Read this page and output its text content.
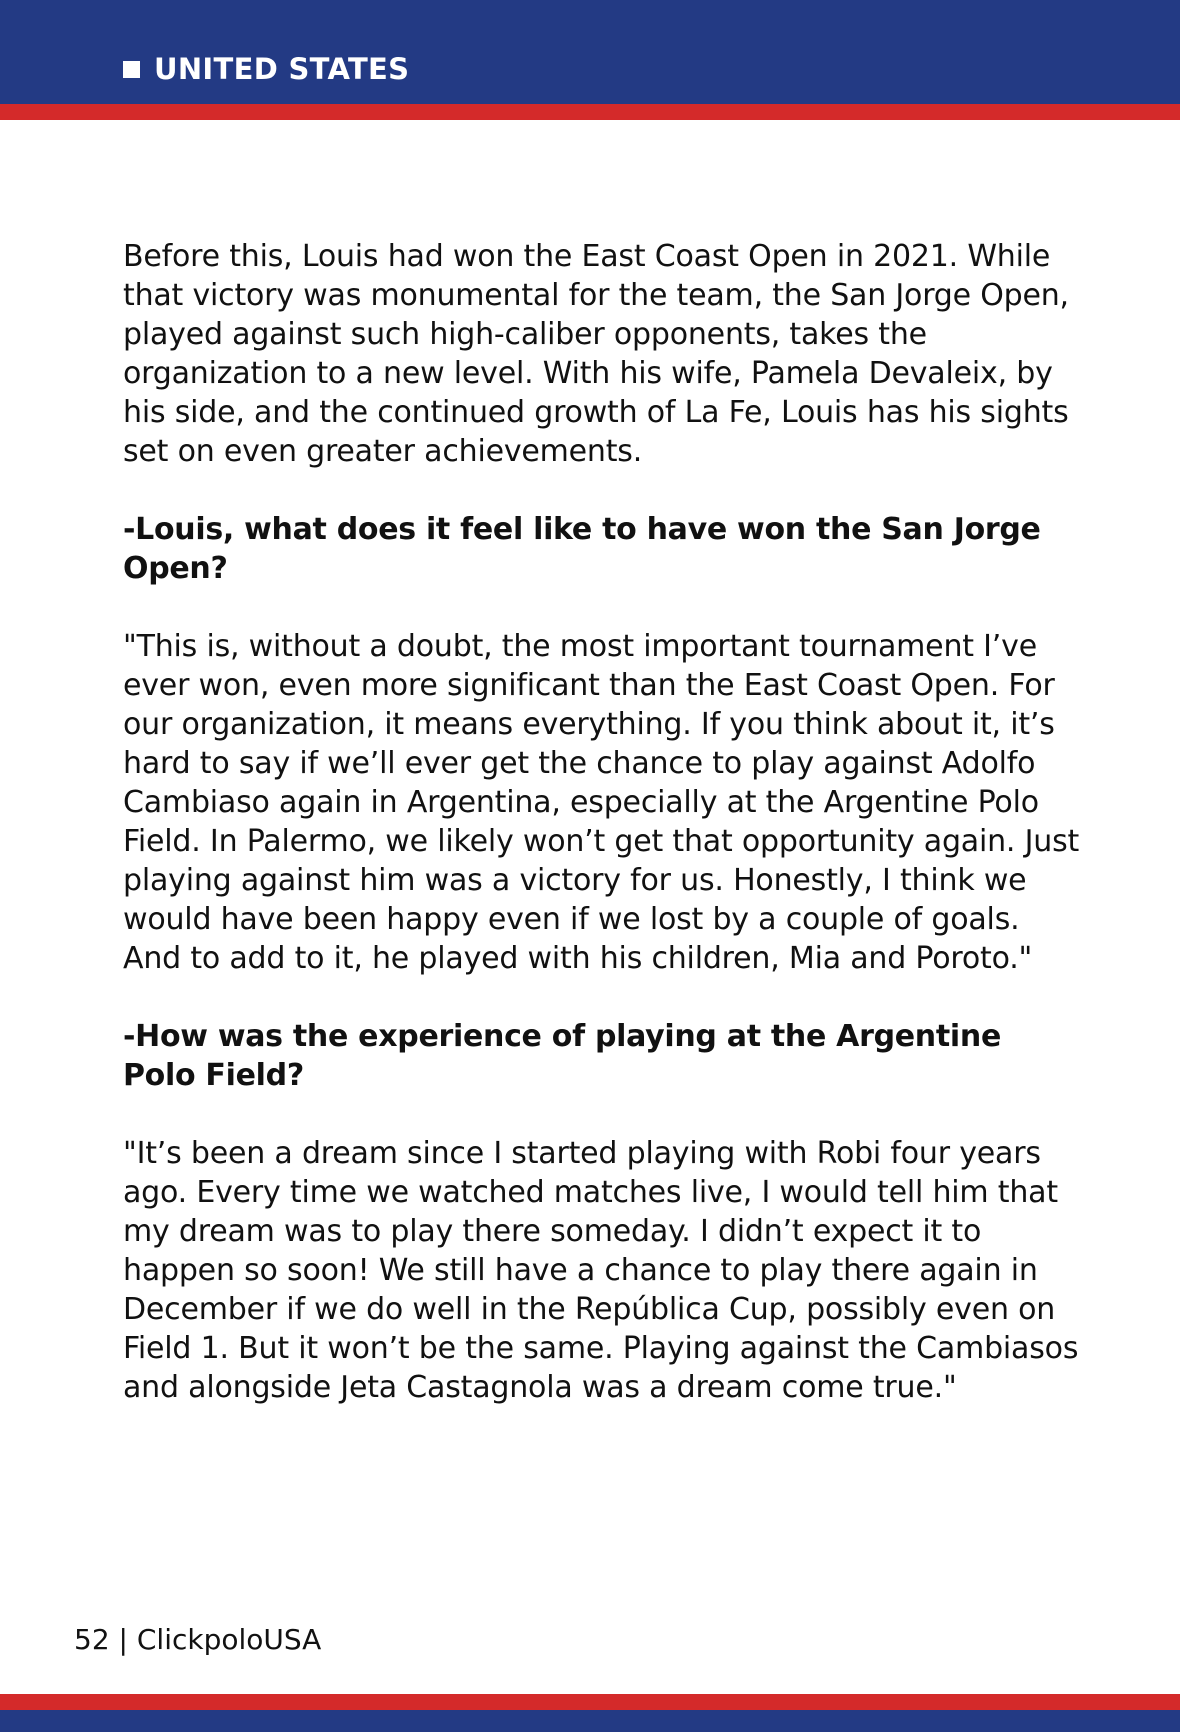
UNITED STATES

Before this, Louis had won the East Coast Open in 2021. While that victory was monumental for the team, the San Jorge Open, played against such high-caliber opponents, takes the organization to a new level. With his wife, Pamela Devaleix, by his side, and the continued growth of La Fe, Louis has his sights set on even greater achievements.

-Louis, what does it feel like to have won the San Jorge Open?

"This is, without a doubt, the most important tournament I’ve ever won, even more significant than the East Coast Open. For our organization, it means everything. If you think about it, it’s hard to say if we’ll ever get the chance to play against Adolfo Cambiaso again in Argentina, especially at the Argentine Polo Field. In Palermo, we likely won’t get that opportunity again. Just playing against him was a victory for us. Honestly, I think we would have been happy even if we lost by a couple of goals. And to add to it, he played with his children, Mia and Poroto."

-How was the experience of playing at the Argentine Polo Field?

"It’s been a dream since I started playing with Robi four years ago. Every time we watched matches live, I would tell him that my dream was to play there someday. I didn’t expect it to happen so soon! We still have a chance to play there again in December if we do well in the República Cup, possibly even on Field 1. But it won’t be the same. Playing against the Cambiasos and alongside Jeta Castagnola was a dream come true."

52 | ClickpoloUSA
